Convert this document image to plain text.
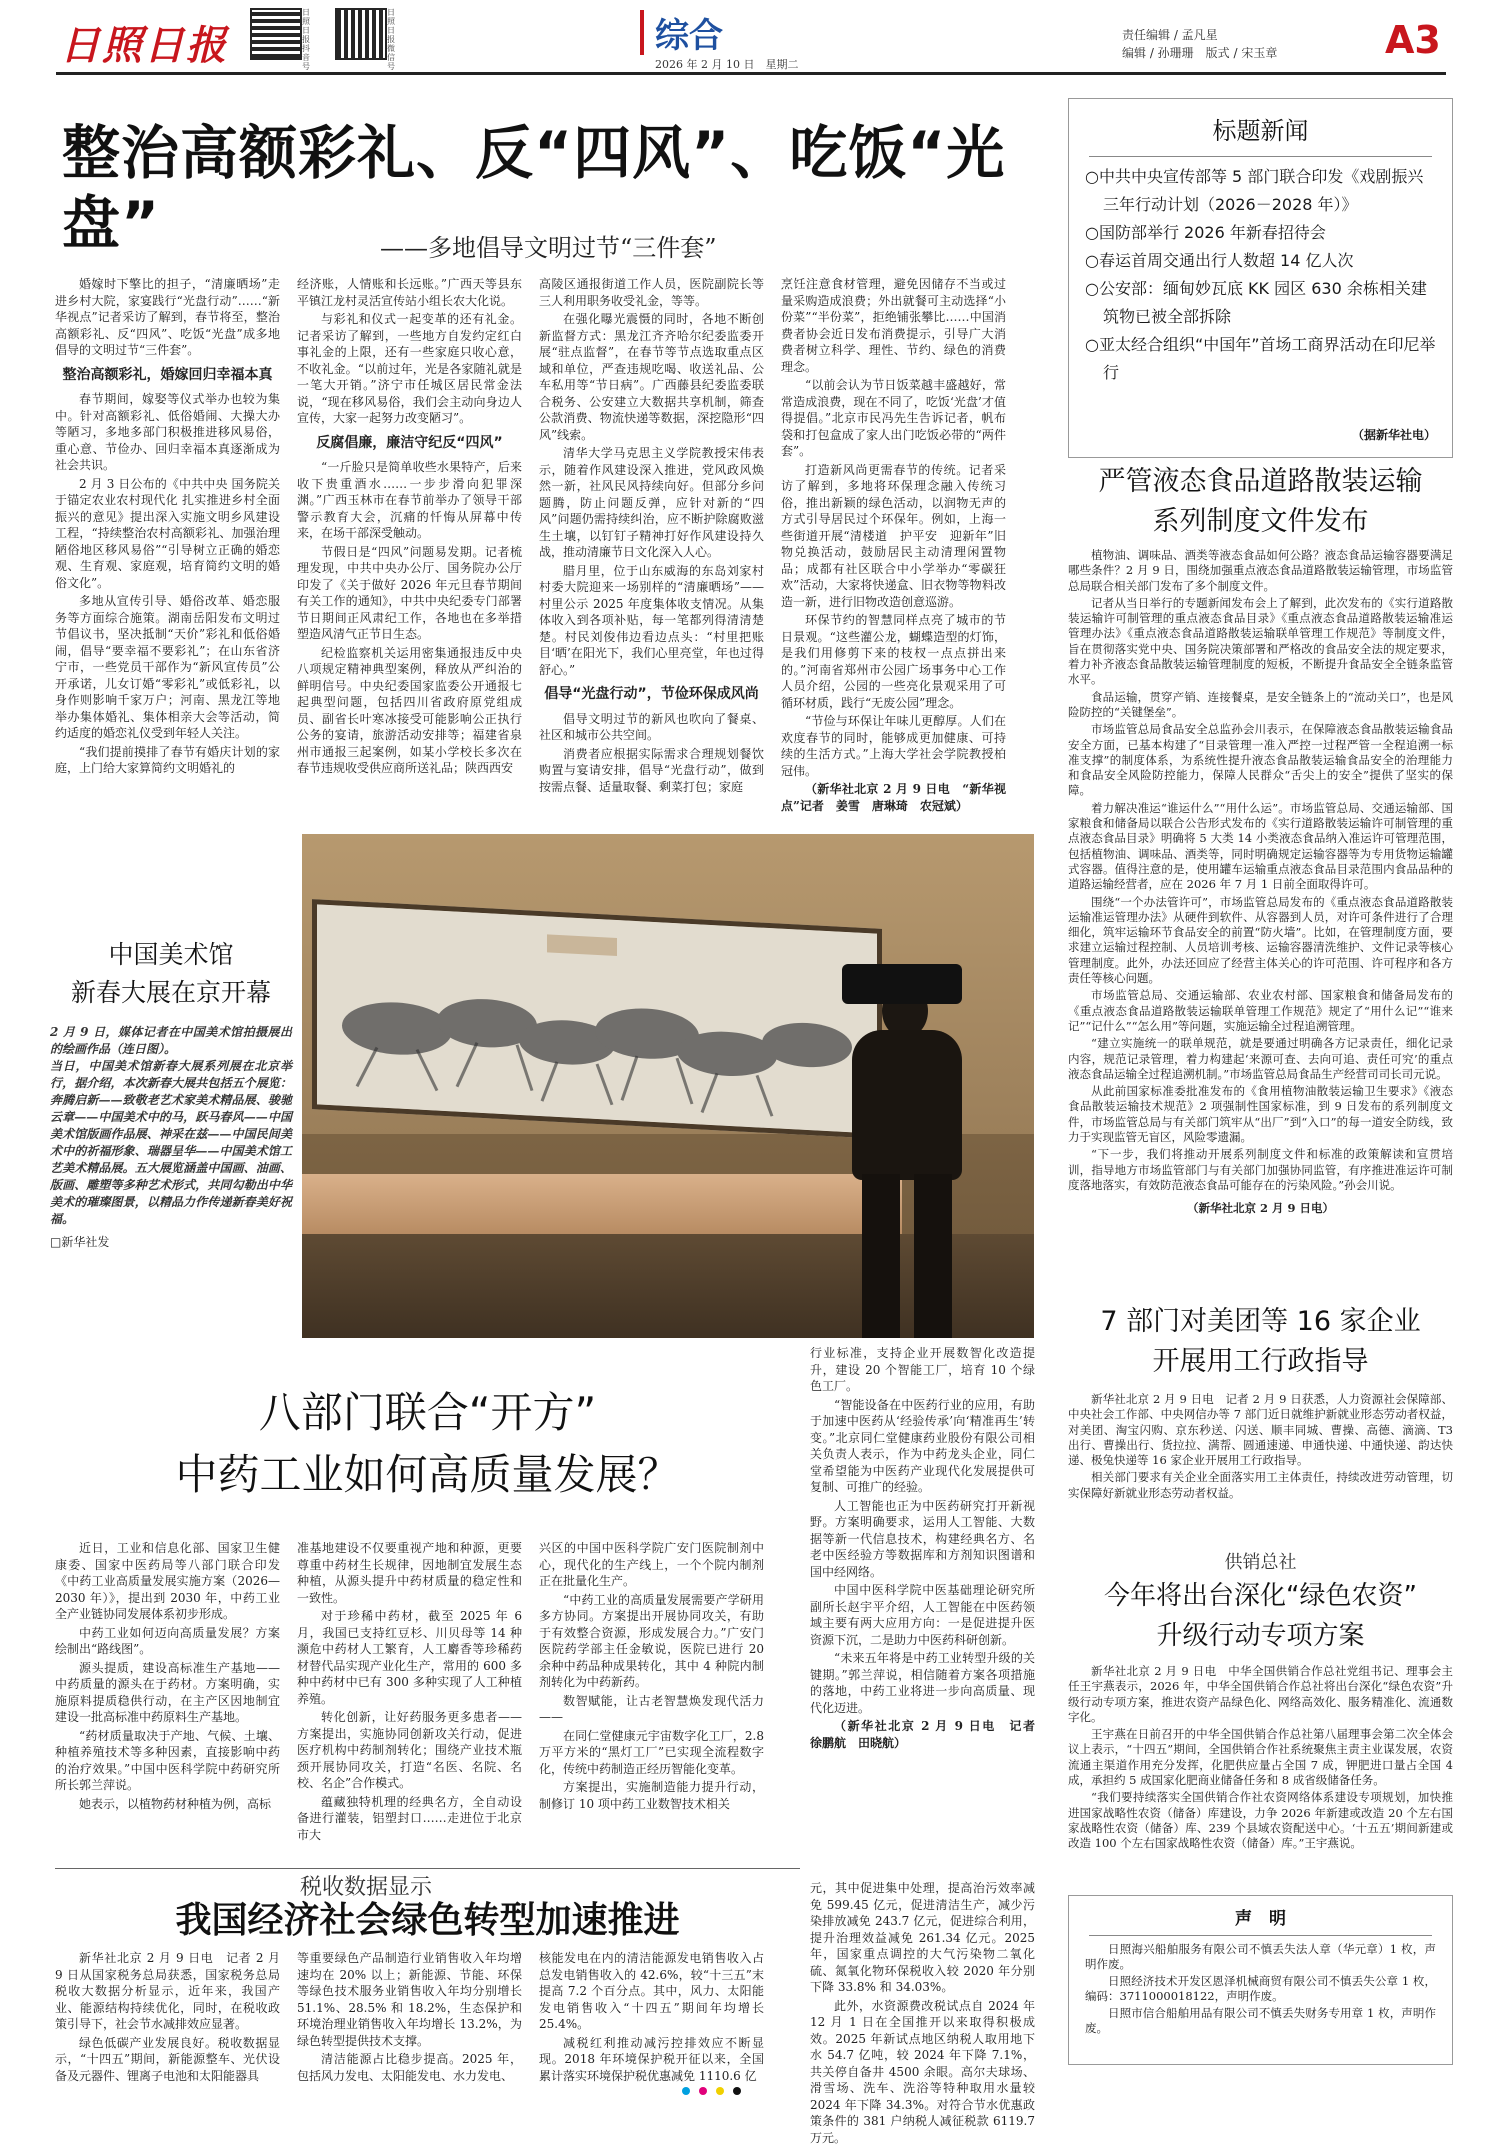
日照日报
日照日报抖音号
日照日报微信号
综合
2026 年 2 月 10 日　星期二
责任编辑 / 孟凡星
编辑 / 孙珊珊　版式 / 宋玉章	A3
整治高额彩礼、反“四风”、吃饭“光盘”	——多地倡导文明过节“三件套”

婚嫁时下擎比的担子，“清廉晒场”走进乡村大院，家宴践行“光盘行动”……“新华视点”记者采访了解到，春节将至，整治高额彩礼、反“四风”、吃饭“光盘”成多地倡导的文明过节“三件套”。

整治高额彩礼，婚嫁回归幸福本真

春节期间，嫁娶等仪式举办也较为集中。针对高额彩礼、低俗婚闹、大操大办等陋习，多地多部门积极推进移风易俗，重心意、节俭办、回归幸福本真逐渐成为社会共识。

2 月 3 日公布的《中共中央 国务院关于锚定农业农村现代化 扎实推进乡村全面振兴的意见》提出深入实施文明乡风建设工程，“持续整治农村高额彩礼、加强治理陋俗地区移风易俗”“引导树立正确的婚恋观、生育观、家庭观，培育简约文明的婚俗文化”。

多地从宣传引导、婚俗改革、婚恋服务等方面综合施策。湖南岳阳发布文明过节倡议书，坚决抵制“天价”彩礼和低俗婚闹，倡导“要幸福不要彩礼”；在山东省济宁市，一些党员干部作为“新风宣传员”公开承诺，儿女订婚“零彩礼”或低彩礼，以身作则影响千家万户；河南、黑龙江等地举办集体婚礼、集体相亲大会等活动，简约适度的婚恋礼仪受到年轻人关注。

“我们提前摸排了春节有婚庆计划的家庭，上门给大家算简约文明婚礼的

经济账，人情账和长远账。”广西天等县东平镇江龙村灵活宣传站小组长农大化说。

与彩礼和仪式一起变革的还有礼金。记者采访了解到，一些地方自发约定红白事礼金的上限，还有一些家庭只收心意，不收礼金。“以前过年，光是各家随礼就是一笔大开销。”济宁市任城区居民常金法说，“现在移风易俗，我们会主动向身边人宣传，大家一起努力改变陋习”。

反腐倡廉，廉洁守纪反“四风”

“一斤脸只是简单收些水果特产，后来收下贵重酒水……一步步滑向犯罪深渊。”广西玉林市在春节前举办了领导干部警示教育大会，沉痛的忏悔从屏幕中传来，在场干部深受触动。

节假日是“四风”问题易发期。记者梳理发现，中共中央办公厅、国务院办公厅印发了《关于做好 2026 年元旦春节期间有关工作的通知》，中共中央纪委专门部署节日期间正风肃纪工作，各地也在多举措塑造风清气正节日生态。

纪检监察机关运用密集通报违反中央八项规定精神典型案例，释放从严纠治的鲜明信号。中央纪委国家监委公开通报七起典型问题，包括四川省政府原党组成员、副省长叶寒冰接受可能影响公正执行公务的宴请，旅游活动安排等；福建省泉州市通报三起案例，如某小学校长多次在春节违规收受供应商所送礼品；陕西西安

高陵区通报街道工作人员，医院副院长等三人利用职务收受礼金，等等。

在强化曝光震慑的同时，各地不断创新监督方式：黑龙江齐齐哈尔纪委监委开展“驻点监督”，在春节等节点选取重点区域和单位，严查违规吃喝、收送礼品、公车私用等“节日病”。广西藤县纪委监委联合税务、公安建立大数据共享机制，筛查公款消费、物流快递等数据，深挖隐形“四风”线索。

清华大学马克思主义学院教授宋伟表示，随着作风建设深入推进，党风政风焕然一新，社风民风持续向好。但部分乡问题腾，防止问题反弹，应针对新的“四风”问题仍需持续纠治，应不断护除腐败滋生土壤，以钉钉子精神打好作风建设持久战，推动清廉节日文化深入人心。

腊月里，位于山东威海的东岛刘家村村委大院迎来一场别样的“清廉晒场”——村里公示 2025 年度集体收支情况。从集体收入到各项补贴，每一笔都列得清清楚楚。村民刘俊伟边看边点头：“村里把账目‘晒’在阳光下，我们心里亮堂，年也过得舒心。”

倡导“光盘行动”，节俭环保成风尚

倡导文明过节的新风也吹向了餐桌、社区和城市公共空间。

消费者应根据实际需求合理规划餐饮购置与宴请安排，倡导“光盘行动”，做到按需点餐、适量取餐、剩菜打包；家庭

烹饪注意食材管理，避免因储存不当或过量采购造成浪费；外出就餐可主动选择“小份菜”“半份菜”，拒绝铺张攀比……中国消费者协会近日发布消费提示，引导广大消费者树立科学、理性、节约、绿色的消费理念。

“以前会认为节日饭菜越丰盛越好，常常造成浪费，现在不同了，吃饭‘光盘’才值得提倡。”北京市民冯先生告诉记者，帆布袋和打包盒成了家人出门吃饭必带的“两件套”。

打造新风尚更需春节的传统。记者采访了解到，多地将环保理念融入传统习俗，推出新颖的绿色活动，以润物无声的方式引导居民过个环保年。例如，上海一些街道开展“清楼道　护平安　迎新年”旧物兑换活动，鼓励居民主动清理闲置物品；成都有社区联合中小学举办“零碳狂欢”活动，大家将快递盒、旧衣物等物料改造一新，进行旧物改造创意巡游。

环保节约的智慧同样点亮了城市的节日景观。“这些灌公龙，蝴蝶造型的灯饰，是我们用修剪下来的枝杈一点点拼出来的。”河南省郑州市公园广场事务中心工作人员介绍，公园的一些亮化景观采用了可循环材质，践行“无废公园”理念。

“节俭与环保让年味儿更醇厚。人们在欢度春节的同时，能够成更加健康、可持续的生活方式。”上海大学社会学院教授柏冠伟。

（新华社北京 2 月 9 日电　“新华视点”记者　姜雪　唐琳琦　农冠斌）

标题新闻
○中共中央宣传部等 5 部门联合印发《戏剧振兴三年行动计划（2026－2028 年）》
○国防部举行 2026 年新春招待会
○春运首周交通出行人数超 14 亿人次
○公安部：缅甸妙瓦底 KK 园区 630 余栋相关建筑物已被全部拆除
○亚太经合组织“中国年”首场工商界活动在印尼举行
（据新华社电）
严管液态食品道路散装运输
系列制度文件发布

植物油、调味品、酒类等液态食品如何公路？液态食品运输容器要满足哪些条件？2 月 9 日，围绕加强重点液态食品道路散装运输管理，市场监管总局联合相关部门发布了多个制度文件。

记者从当日举行的专题新闻发布会上了解到，此次发布的《实行道路散装运输许可制管理的重点液态食品目录》《重点液态食品道路散装运输准运管理办法》《重点液态食品道路散装运输联单管理工作规范》等制度文件，旨在贯彻落实党中央、国务院决策部署和严格改的食品安全法的规定要求，着力补齐液态食品散装运输管理制度的短板，不断提升食品安全全链条监管水平。

食品运输，贯穿产销、连接餐桌，是安全链条上的“流动关口”，也是风险防控的“关键堡垒”。

市场监管总局食品安全总监孙会川表示，在保障液态食品散装运输食品安全方面，已基本构建了“目录管理一准入严控一过程严管一全程追溯一标准支撑”的制度体系，为系统性提升液态食品散装运输食品安全的治理能力和食品安全风险防控能力，保障人民群众“舌尖上的安全”提供了坚实的保障。

着力解决准运“谁运什么”“用什么运”。市场监管总局、交通运输部、国家粮食和储备局以联合公告形式发布的《实行道路散装运输许可制管理的重点液态食品目录》明确将 5 大类 14 小类液态食品纳入准运许可管理范围，包括植物油、调味品、酒类等，同时明确规定运输容器等为专用货物运输罐式容器。值得注意的是，使用罐车运输重点液态食品目录范围内食品品种的道路运输经营者，应在 2026 年 7 月 1 日前全面取得许可。

围绕“一个办法管许可”，市场监管总局发布的《重点液态食品道路散装运输准运管理办法》从硬件到软件、从容器到人员，对许可条件进行了合理细化，筑牢运输环节食品安全的前置“防火墙”。比如，在管理制度方面，要求建立运输过程控制、人员培训考核、运输容器清洗维护、文件记录等核心管理制度。此外，办法还回应了经营主体关心的许可范围、许可程序和各方责任等核心问题。

市场监管总局、交通运输部、农业农村部、国家粮食和储备局发布的《重点液态食品道路散装运输联单管理工作规范》规定了“用什么记”“谁来记”“记什么”“怎么用”等问题，实施运输全过程追溯管理。

“建立实施统一的联单规范，就是要通过明确各方记录责任，细化记录内容，规范记录管理，着力构建起‘来源可查、去向可追、责任可究’的重点液态食品运输全过程追溯机制。”市场监管总局食品生产经营司司长司元说。

从此前国家标准委批准发布的《食用植物油散装运输卫生要求》《液态食品散装运输技术规范》2 项强制性国家标准，到 9 日发布的系列制度文件，市场监管总局与有关部门筑牢从“出厂”到“入口”的每一道安全防线，致力于实现监管无盲区，风险零遗漏。

“下一步，我们将推动开展系列制度文件和标准的政策解读和宣贯培训，指导地方市场监管部门与有关部门加强协同监管，有序推进准运许可制度落地落实，有效防范液态食品可能存在的污染风险。”孙会川说。

（新华社北京 2 月 9 日电）
中国美术馆
新春大展在京开幕
2 月 9 日，媒体记者在中国美术馆拍摄展出的绘画作品（连日图）。
当日，中国美术馆新春大展系列展在北京举行，据介绍，本次新春大展共包括五个展览：奔腾启新——致敬老艺术家美术精品展、骏驰云章——中国美术中的马，跃马春风——中国美术馆版画作品展、神采在兹——中国民间美术中的祈福形象、瑞器呈华——中国美术馆工艺美术精品展。五大展览涵盖中国画、油画、版画、雕塑等多种艺术形式，共同勾勒出中华美术的璀璨图景，以精品力作传递新春美好祝福。
□新华社发
八部门联合“开方”
中药工业如何高质量发展？

近日，工业和信息化部、国家卫生健康委、国家中医药局等八部门联合印发《中药工业高质量发展实施方案（2026—2030 年）》，提出到 2030 年，中药工业全产业链协同发展体系初步形成。

中药工业如何迈向高质量发展？方案绘制出“路线图”。

源头提质，建设高标准生产基地——中药质量的源头在于药材。方案明确，实施原料提质稳供行动，在主产区因地制宜建设一批高标准中药原料生产基地。

“药材质量取决于产地、气候、土壤、种植养殖技术等多种因素，直接影响中药的治疗效果。”中国中医科学院中药研究所所长郭兰萍说。

她表示，以植物药材种植为例，高标

准基地建设不仅要重视产地和种源，更要尊重中药材生长规律，因地制宜发展生态种植，从源头提升中药材质量的稳定性和一致性。

对于珍稀中药材，截至 2025 年 6 月，我国已支持红豆杉、川贝母等 14 种濒危中药材人工繁育，人工麝香等珍稀药材替代品实现产业化生产，常用的 600 多种中药材中已有 300 多种实现了人工种植养殖。

转化创新，让好药服务更多患者——方案提出，实施协同创新攻关行动，促进医疗机构中药制剂转化；围绕产业技术瓶颈开展协同攻关，打造“名医、名院、名校、名企”合作模式。

蕴藏独特机理的经典名方，全自动设备进行灌装，铝塑封口……走进位于北京市大

兴区的中国中医科学院广安门医院制剂中心，现代化的生产线上，一个个院内制剂正在批量化生产。

“中药工业的高质量发展需要产学研用多方协同。方案提出开展协同攻关，有助于有效整合资源，形成发展合力。”广安门医院药学部主任金敏说，医院已进行 20 余种中药品种成果转化，其中 4 种院内制剂转化为中药新药。

数智赋能，让古老智慧焕发现代活力——

在同仁堂健康元宇宙数字化工厂，2.8 万平方米的“黑灯工厂”已实现全流程数字化，传统中药制造正经历智能化变革。

方案提出，实施制造能力提升行动，制修订 10 项中药工业数智技术相关

行业标准，支持企业开展数智化改造提升，建设 20 个智能工厂，培育 10 个绿色工厂。

“智能设备在中医药行业的应用，有助于加速中医药从‘经验传承’向‘精准再生’转变。”北京同仁堂健康药业股份有限公司相关负责人表示，作为中药龙头企业，同仁堂希望能为中医药产业现代化发展提供可复制、可推广的经验。

人工智能也正为中医药研究打开新视野。方案明确要求，运用人工智能、大数据等新一代信息技术，构建经典名方、名老中医经验方等数据库和方剂知识图谱和国中经网络。

中国中医科学院中医基础理论研究所副所长赵宇平介绍，人工智能在中医药领域主要有两大应用方向：一是促进提升医资源下沉，二是助力中医药科研创新。

“未来五年将是中药工业转型升级的关键期。”郭兰萍说，相信随着方案各项措施的落地，中药工业将进一步向高质量、现代化迈进。

（新华社北京 2 月 9 日电　记者　徐鹏航　田晓航）

税收数据显示
我国经济社会绿色转型加速推进

新华社北京 2 月 9 日电　记者 2 月 9 日从国家税务总局获悉，国家税务总局税收大数据分析显示，近年来，我国产业、能源结构持续优化，同时，在税收政策引导下，社会节水减排效应显著。

绿色低碳产业发展良好。税收数据显示，“十四五”期间，新能源整车、光伏设备及元器件、锂离子电池和太阳能器具

等重要绿色产品制造行业销售收入年均增速均在 20% 以上；新能源、节能、环保等绿色技术服务业销售收入年均分别增长 51.1%、28.5% 和 18.2%，生态保护和环境治理业销售收入年均增长 13.2%，为绿色转型提供技术支撑。

清洁能源占比稳步提高。2025 年，包括风力发电、太阳能发电、水力发电、

核能发电在内的清洁能源发电销售收入占总发电销售收入的 42.6%，较“十三五”末提高 7.2 个百分点。其中，风力、太阳能发电销售收入“十四五”期间年均增长 25.4%。

减税红利推动减污控排效应不断显现。2018 年环境保护税开征以来，全国累计落实环境保护税优惠减免 1110.6 亿

元，其中促进集中处理，提高治污效率减免 599.45 亿元，促进清洁生产，减少污染排放减免 243.7 亿元，促进综合利用，提升治理效益减免 261.34 亿元。2025 年，国家重点调控的大气污染物二氧化硫、氮氧化物环保税收入较 2020 年分别下降 33.8% 和 34.03%。

此外，水资源费改税试点自 2024 年 12 月 1 日在全国推开以来取得积极成效。2025 年新试点地区纳税人取用地下水 54.7 亿吨，较 2024 年下降 7.1%，共关停自备井 4500 余眼。高尔夫球场、滑雪场、洗车、洗浴等特种取用水量较 2024 年下降 34.3%。对符合节水优惠政策条件的 381 户纳税人减征税款 6119.7 万元。

7 部门对美团等 16 家企业
开展用工行政指导

新华社北京 2 月 9 日电　记者 2 月 9 日获悉，人力资源社会保障部、中央社会工作部、中央网信办等 7 部门近日就维护新就业形态劳动者权益，对美团、淘宝闪购、京东秒送、闪送、顺丰同城、曹操、高德、滴滴、T3 出行、曹操出行、货拉拉、满帮、圆通速递、申通快递、中通快递、韵达快递、极兔快递等 16 家企业开展用工行政指导。

相关部门要求有关企业全面落实用工主体责任，持续改进劳动管理，切实保障好新就业形态劳动者权益。

供销总社
今年将出台深化“绿色农资”
升级行动专项方案

新华社北京 2 月 9 日电　中华全国供销合作总社党组书记、理事会主任王宇燕表示，2026 年，中华全国供销合作总社将出台深化“绿色农资”升级行动专项方案，推进农资产品绿色化、网络高效化、服务精准化、流通数字化。

王宇燕在日前召开的中华全国供销合作总社第八届理事会第二次全体会议上表示，“十四五”期间，全国供销合作社系统聚焦主责主业谋发展，农资流通主渠道作用充分发挥，化肥供应量占全国 7 成，钾肥进口量占全国 4 成，承担约 5 成国家化肥商业储备任务和 8 成省级储备任务。

“我们要持续落实全国供销合作社农资网络体系建设专项规划，加快推进国家战略性农资（储备）库建设，力争 2026 年新建或改造 20 个左右国家战略性农资（储备）库、239 个县域农资配送中心。‘十五五’期间新建或改造 100 个左右国家战略性农资（储备）库。”王宇燕说。

声　明

日照海兴船舶服务有限公司不慎丢失法人章（华元章）1 枚，声明作废。

日照经济技术开发区恩泽机械商贸有限公司不慎丢失公章 1 枚，编码：3711000018122，声明作废。

日照市信合船舶用品有限公司不慎丢失财务专用章 1 枚，声明作废。
